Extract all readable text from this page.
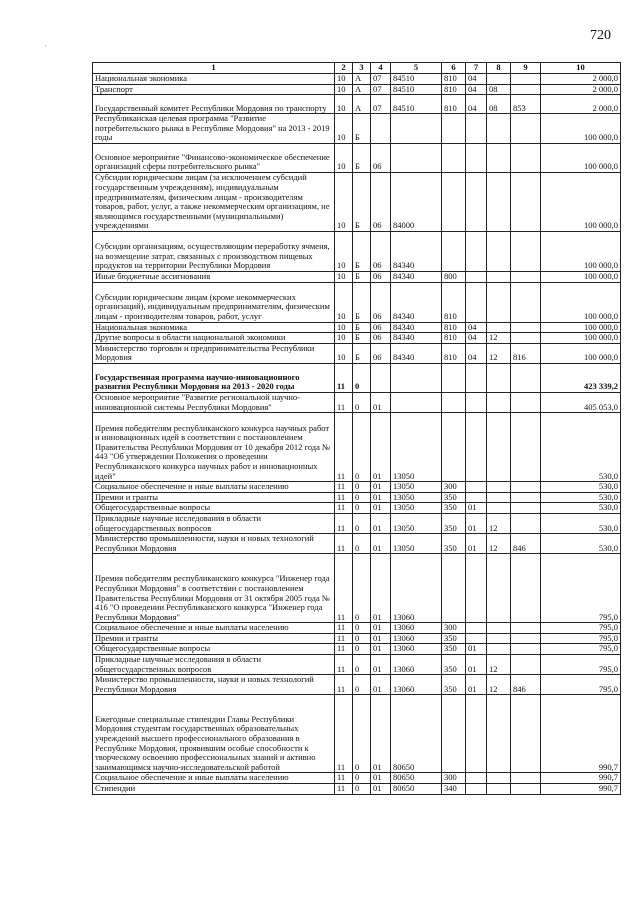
720
·
1	2	3	4	5	6	7	8	9	10
Национальная экономика	10	А	07	84510	810	04			2 000,0
Транспорт	10	А	07	84510	810	04	08		2 000,0
Государственный комитет Республики Мордовия по транспорту	10	А	07	84510	810	04	08	853	2 000,0
Республиканская целевая программа "Развитие потребительского рынка в Республике Мордовия" на 2013 - 2019 годы	10	Б							100 000,0
Основное мероприятие "Финансово-экономическое обеспечение организаций сферы потребительского рынка"	10	Б	06						100 000,0
Субсидии юридическим лицам (за исключением субсидий государственным учреждениям), индивидуальным предпринимателям, физическим лицам - производителям товаров, работ, услуг, а также некоммерческим организациям, не являющимся государственными (муниципальными) учреждениями	10	Б	06	84000					100 000,0
Субсидии организациям, осуществляющим переработку ячменя, на возмещение затрат, связанных с производством пищевых продуктов на территории Республики Мордовия	10	Б	06	84340					100 000,0
Иные бюджетные ассигнования	10	Б	06	84340	800				100 000,0
Субсидии юридическим лицам (кроме некоммерческих организаций), индивидуальным предпринимателям, физическим лицам - производителям товаров, работ, услуг	10	Б	06	84340	810				100 000,0
Национальная экономика	10	Б	06	84340	810	04			100 000,0
Другие вопросы в области национальной экономики	10	Б	06	84340	810	04	12		100 000,0
Министерство торговли и предпринимательства Республики Мордовия	10	Б	06	84340	810	04	12	816	100 000,0
Государственная программа научно-инновационного развития Республики Мордовия на 2013 - 2020 годы	11	0							423 339,2
Основное мероприятие "Развитие региональной научно-инновационной системы Республики Мордовия"	11	0	01						405 053,0
Премия победителям республиканского конкурса научных работ и инновационных идей в соответствии с постановлением Правительства Республики Мордовия от 10 декабря 2012 года № 443 "Об утверждении Положения о проведении Республиканского конкурса научных работ и инновационных идей"	11	0	01	13050					530,0
Социальное обеспечение и иные выплаты населению	11	0	01	13050	300				530,0
Премии и гранты	11	0	01	13050	350				530,0
Общегосударственные вопросы	11	0	01	13050	350	01			530,0
Прикладные научные исследования в области общегосударственных вопросов	11	0	01	13050	350	01	12		530,0
Министерство промышленности, науки и новых технологий Республики Мордовия	11	0	01	13050	350	01	12	846	530,0
Премия победителям республиканского конкурса "Инженер года Республики Мордовия" в соответствии с постановлением Правительства Республики Мордовия от 31 октября 2005 года № 416 "О проведении Республиканского конкурса "Инженер года Республики Мордовия"	11	0	01	13060					795,0
Социальное обеспечение и иные выплаты населению	11	0	01	13060	300				795,0
Премии и гранты	11	0	01	13060	350				795,0
Общегосударственные вопросы	11	0	01	13060	350	01			795,0
Прикладные научные исследования в области общегосударственных вопросов	11	0	01	13060	350	01	12		795,0
Министерство промышленности, науки и новых технологий Республики Мордовия	11	0	01	13060	350	01	12	846	795,0
Ежегодные специальные стипендии Главы Республики Мордовия студентам государственных образовательных учреждений высшего профессионального образования в Республике Мордовия, проявившим особые способности к творческому освоению профессиональных знаний и активно занимающимся научно-исследовательской работой	11	0	01	80650					990,7
Социальное обеспечение и иные выплаты населению	11	0	01	80650	300				990,7
Стипендии	11	0	01	80650	340				990,7
